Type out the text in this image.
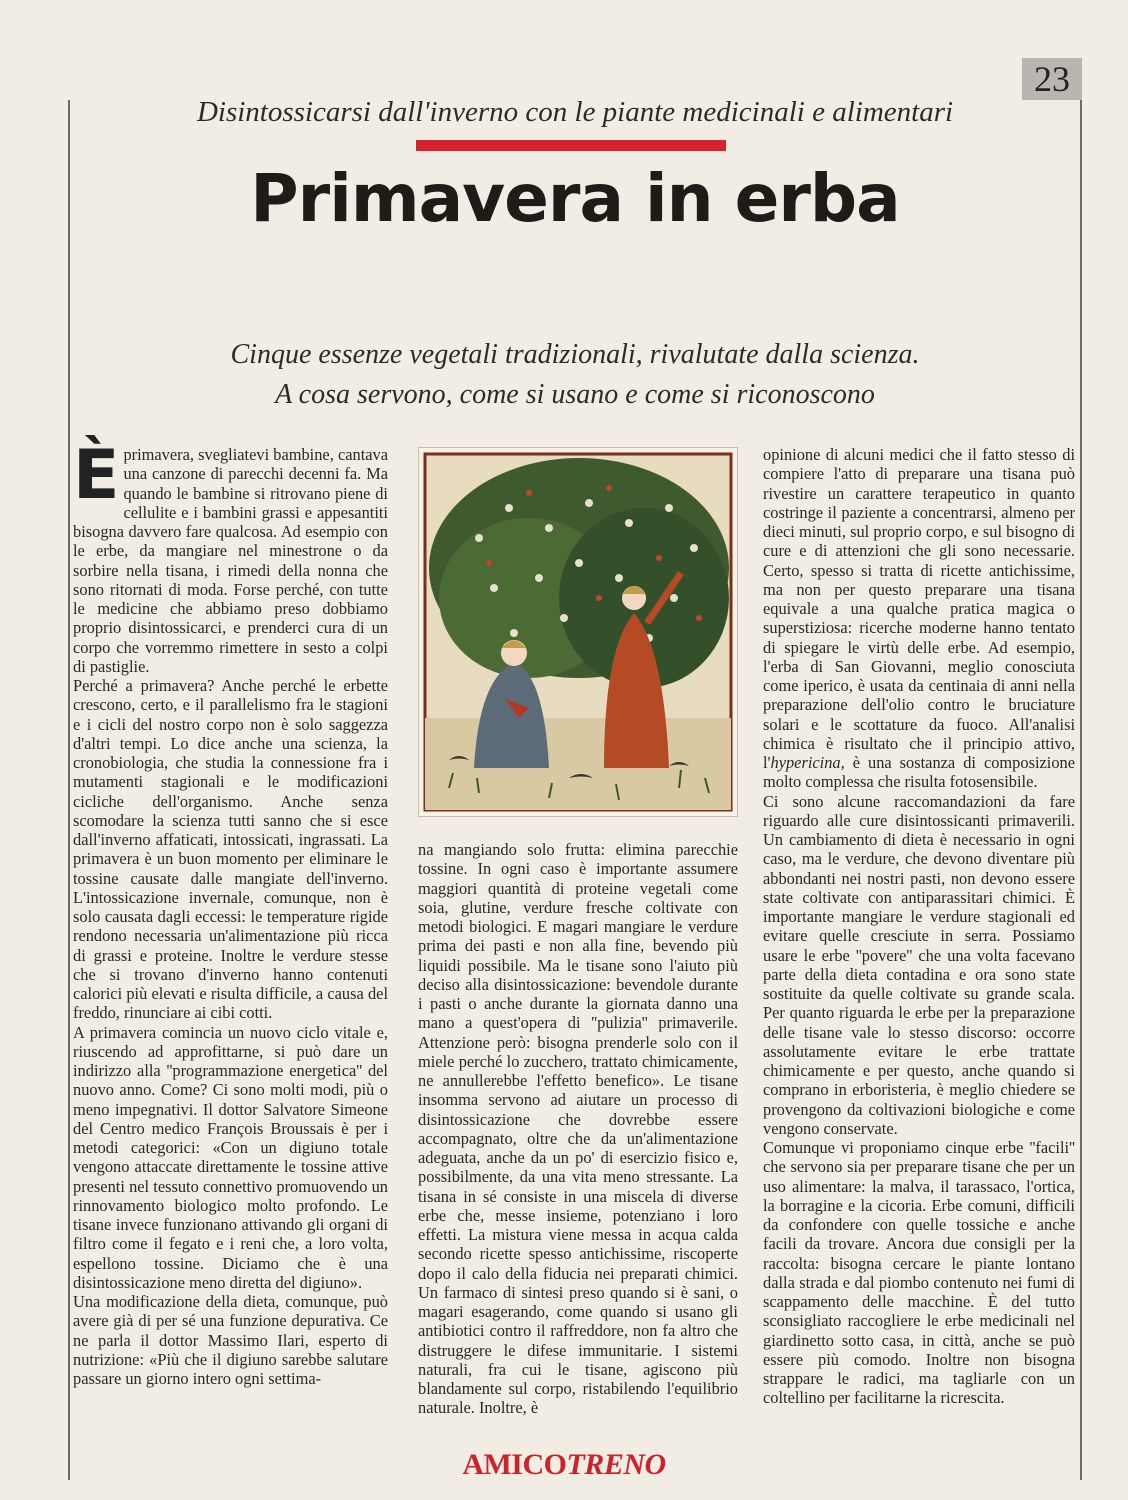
23
Disintossicarsi dall'inverno con le piante medicinali e alimentari
Primavera in erba
Cinque essenze vegetali tradizionali, rivalutate dalla scienza.
A cosa servono, come si usano e come si riconoscono

Èprimavera, svegliatevi bambine, cantava una canzone di parecchi decenni fa. Ma quando le bambine si ritrovano piene di cellulite e i bambini grassi e appesantiti bisogna davvero fare qualcosa. Ad esempio con le erbe, da mangiare nel minestrone o da sorbire nella tisana, i rimedi della nonna che sono ritornati di moda. Forse perché, con tutte le medicine che abbiamo preso dobbiamo proprio disintossicarci, e prenderci cura di un corpo che vorremmo rimettere in sesto a colpi di pastiglie.

Perché a primavera? Anche perché le erbette crescono, certo, e il parallelismo fra le stagioni e i cicli del nostro corpo non è solo saggezza d'altri tempi. Lo dice anche una scienza, la cronobiologia, che studia la connessione fra i mutamenti stagionali e le modificazioni cicliche dell'organismo. Anche senza scomodare la scienza tutti sanno che si esce dall'inverno affaticati, intossicati, ingrassati. La primavera è un buon momento per eliminare le tossine causate dalle mangiate dell'inverno. L'intossicazione invernale, comunque, non è solo causata dagli eccessi: le temperature rigide rendono necessaria un'alimentazione più ricca di grassi e proteine. Inoltre le verdure stesse che si trovano d'inverno hanno contenuti calorici più elevati e risulta difficile, a causa del freddo, rinunciare ai cibi cotti.

A primavera comincia un nuovo ciclo vitale e, riuscendo ad approfittarne, si può dare un indirizzo alla ''programmazione energetica'' del nuovo anno. Come? Ci sono molti modi, più o meno impegnativi. Il dottor Salvatore Simeone del Centro medico François Broussais è per i metodi categorici: «Con un digiuno totale vengono attaccate direttamente le tossine attive presenti nel tessuto connettivo promuovendo un rinnovamento biologico molto profondo. Le tisane invece funzionano attivando gli organi di filtro come il fegato e i reni che, a loro volta, espellono tossine. Diciamo che è una disintossicazione meno diretta del digiuno».

Una modificazione della dieta, comunque, può avere già di per sé una funzione depurativa. Ce ne parla il dottor Massimo Ilari, esperto di nutrizione: «Più che il digiuno sarebbe salutare passare un giorno intero ogni settima-

na mangiando solo frutta: elimina parecchie tossine. In ogni caso è importante assumere maggiori quantità di proteine vegetali come soia, glutine, verdure fresche coltivate con metodi biologici. E magari mangiare le verdure prima dei pasti e non alla fine, bevendo più liquidi possibile. Ma le tisane sono l'aiuto più deciso alla disintossicazione: bevendole durante i pasti o anche durante la giornata danno una mano a quest'opera di ''pulizia'' primaverile. Attenzione però: bisogna prenderle solo con il miele perché lo zucchero, trattato chimicamente, ne annullerebbe l'effetto benefico». Le tisane insomma servono ad aiutare un processo di disintossicazione che dovrebbe essere accompagnato, oltre che da un'alimentazione adeguata, anche da un po' di esercizio fisico e, possibilmente, da una vita meno stressante. La tisana in sé consiste in una miscela di diverse erbe che, messe insieme, potenziano i loro effetti. La mistura viene messa in acqua calda secondo ricette spesso antichissime, riscoperte dopo il calo della fiducia nei preparati chimici. Un farmaco di sintesi preso quando si è sani, o magari esagerando, come quando si usano gli antibiotici contro il raffreddore, non fa altro che distruggere le difese immunitarie. I sistemi naturali, fra cui le tisane, agiscono più blandamente sul corpo, ristabilendo l'equilibrio naturale. Inoltre, è

opinione di alcuni medici che il fatto stesso di compiere l'atto di preparare una tisana può rivestire un carattere terapeutico in quanto costringe il paziente a concentrarsi, almeno per dieci minuti, sul proprio corpo, e sul bisogno di cure e di attenzioni che gli sono necessarie. Certo, spesso si tratta di ricette antichissime, ma non per questo preparare una tisana equivale a una qualche pratica magica o superstiziosa: ricerche moderne hanno tentato di spiegare le virtù delle erbe. Ad esempio, l'erba di San Giovanni, meglio conosciuta come iperico, è usata da centinaia di anni nella preparazione dell'olio contro le bruciature solari e le scottature da fuoco. All'analisi chimica è risultato che il principio attivo, l'hypericina, è una sostanza di composizione molto complessa che risulta fotosensibile.

Ci sono alcune raccomandazioni da fare riguardo alle cure disintossicanti primaverili. Un cambiamento di dieta è necessario in ogni caso, ma le verdure, che devono diventare più abbondanti nei nostri pasti, non devono essere state coltivate con antiparassitari chimici. È importante mangiare le verdure stagionali ed evitare quelle cresciute in serra. Possiamo usare le erbe ''povere'' che una volta facevano parte della dieta contadina e ora sono state sostituite da quelle coltivate su grande scala. Per quanto riguarda le erbe per la preparazione delle tisane vale lo stesso discorso: occorre assolutamente evitare le erbe trattate chimicamente e per questo, anche quando si comprano in erboristeria, è meglio chiedere se provengono da coltivazioni biologiche e come vengono conservate.

Comunque vi proponiamo cinque erbe ''facili'' che servono sia per preparare tisane che per un uso alimentare: la malva, il tarassaco, l'ortica, la borragine e la cicoria. Erbe comuni, difficili da confondere con quelle tossiche e anche facili da trovare. Ancora due consigli per la raccolta: bisogna cercare le piante lontano dalla strada e dal piombo contenuto nei fumi di scappamento delle macchine. È del tutto sconsigliato raccogliere le erbe medicinali nel giardinetto sotto casa, in città, anche se può essere più comodo. Inoltre non bisogna strappare le radici, ma tagliarle con un coltellino per facilitarne la ricrescita.

AMICOTRENO
